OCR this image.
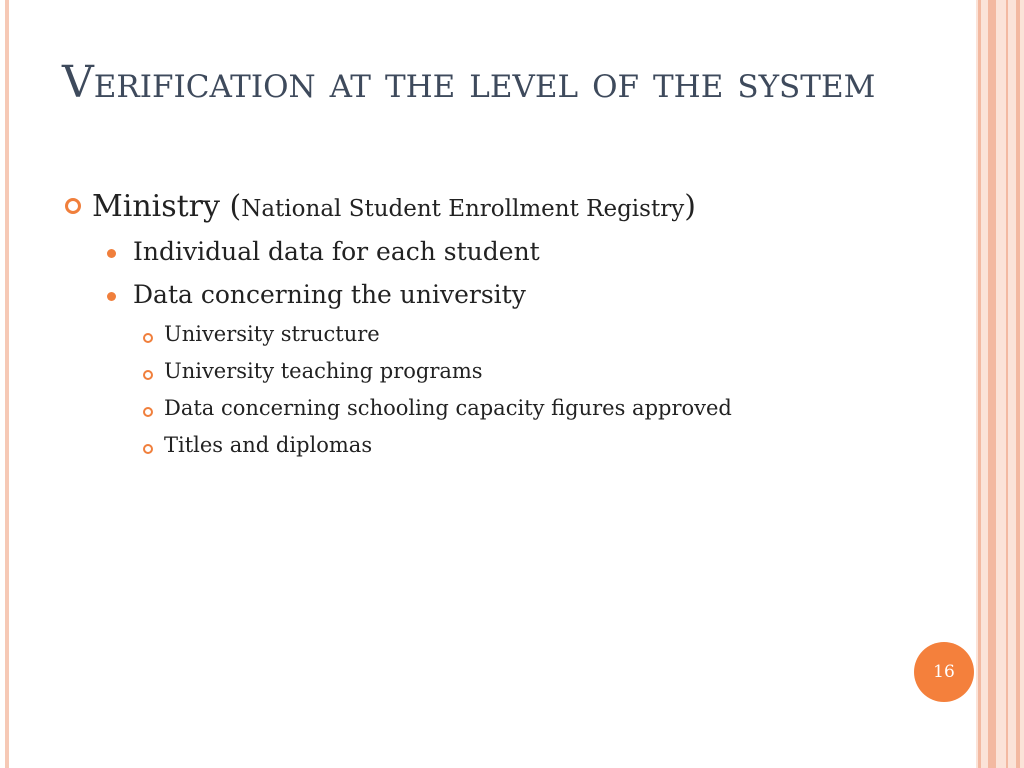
Verification at the level of the system
Ministry (National Student Enrollment Registry)
Individual data for each student
Data concerning the university
University structure
University teaching programs
Data concerning schooling capacity figures approved
Titles and diplomas
16
